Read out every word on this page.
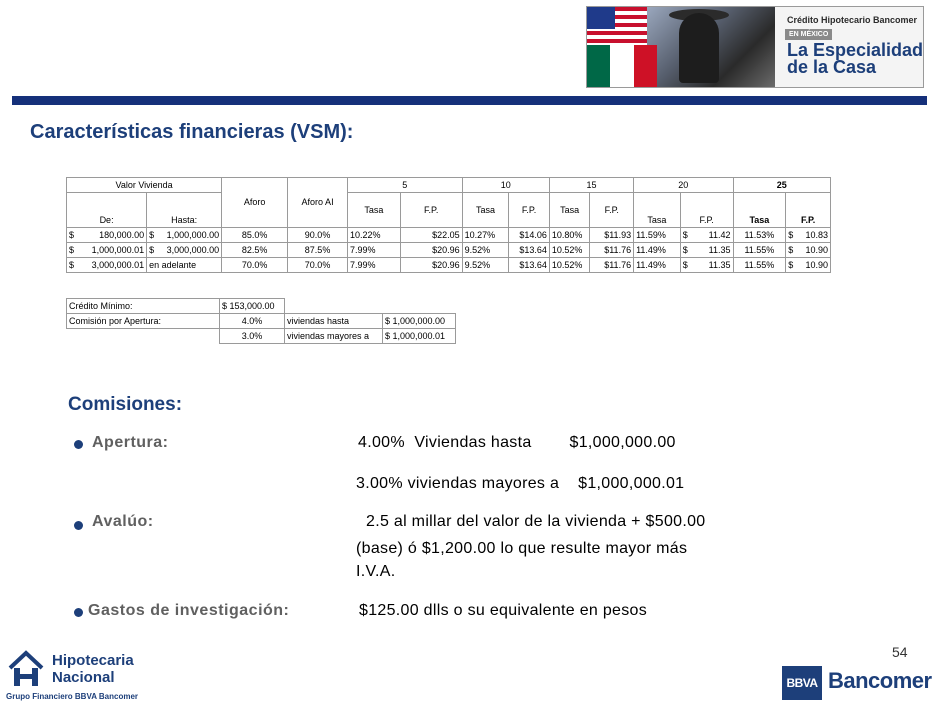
Crédito Hipotecario Bancomer
EN MÉXICO
La Especialidad
de la Casa
Características financieras (VSM):
Valor Vivienda		Aforo	Aforo AI	5		10		15		20		25	
De:	Hasta:			Tasa	F.P.	Tasa	F.P.	Tasa	F.P.	Tasa	F.P.	Tasa	F.P.
$ 180,000.00	$ 1,000,000.00	85.0%	90.0%	10.22%	$22.05	10.27%	$14.06	10.80%	$11.93	11.59%	$ 11.42	11.53%	$ 10.83

$ 1,000,000.01	$ 3,000,000.00	82.5%	87.5%	7.99%	$20.96	9.52%	$13.64	10.52%	$11.76	11.49%	$ 11.35	11.55%	$ 10.90

$ 3,000,000.01	en adelante	70.0%	70.0%	7.99%	$20.96	9.52%	$13.64	10.52%	$11.76	11.49%	$ 11.35	11.55%	$ 10.90
Crédito Mínimo:	$ 153,000.00		
Comisión por Apertura:	4.0%	viviendas hasta	$ 1,000,000.00
	3.0%	viviendas mayores a	$ 1,000,000.01
Comisiones:
Apertura:	4.00%  Viviendas hasta        $1,000,000.00
3.00% viviendas mayores a    $1,000,000.01
Avalúo:	2.5 al millar del valor de la vivienda + $500.00
(base) ó $1,200.00 lo que resulte mayor más
I.V.A.
Gastos de investigación:	$125.00 dlls o su equivalente en pesos
54
Hipotecaria
Nacional
Grupo Financiero BBVA Bancomer
BBVA Bancomer
